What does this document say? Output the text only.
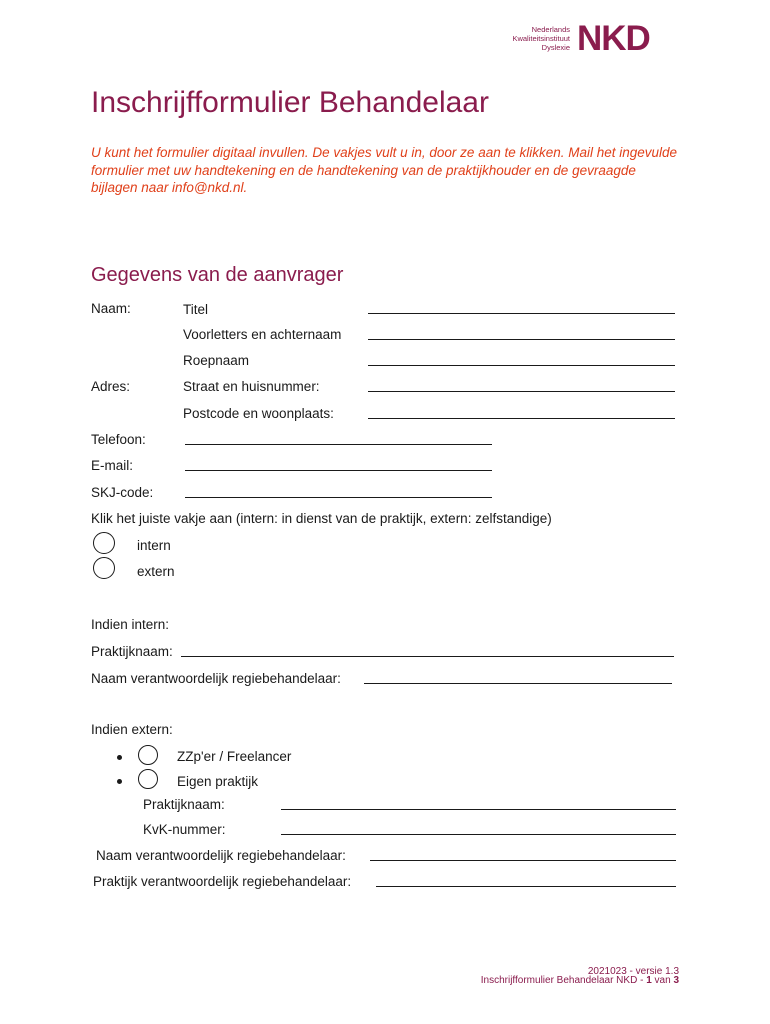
Nederlands
Kwaliteitsinstituut
Dyslexie NKD
Inschrijfformulier Behandelaar
U kunt het formulier digitaal invullen. De vakjes vult u in, door ze aan te klikken. Mail het ingevulde formulier met uw handtekening en de handtekening van de praktijkhouder en de gevraagde bijlagen naar info@nkd.nl.
Gegevens van de aanvrager
Naam:	Titel
Voorletters en achternaam
Roepnaam
Adres:	Straat en huisnummer:
Postcode en woonplaats:
Telefoon:
E-mail:
SKJ-code:
Klik het juiste vakje aan (intern: in dienst van de praktijk, extern: zelfstandige)
intern
extern
Indien intern:
Praktijknaam:
Naam verantwoordelijk regiebehandelaar:
Indien extern:
ZZp'er / Freelancer
Eigen praktijk
Praktijknaam:
KvK-nummer:
Naam verantwoordelijk regiebehandelaar:
Praktijk verantwoordelijk regiebehandelaar:
2021023 - versie 1.3
Inschrijfformulier Behandelaar NKD - 1 van 3
